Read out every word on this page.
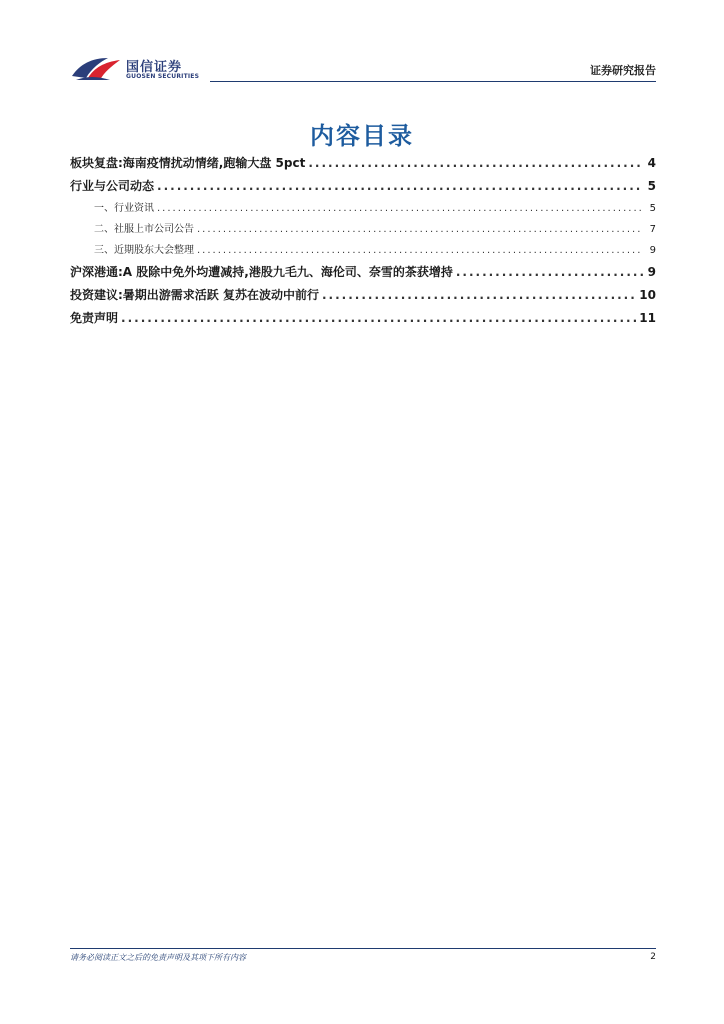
国信证券
GUOSEN SECURITIES	证券研究报告
内容目录
板块复盘:海南疫情扰动情绪,跑输大盘 5pct .....	4
行业与公司动态 .....	5
一、行业资讯 .....	5
二、社服上市公司公告 .....	7
三、近期股东大会整理 .....	9
沪深港通:A 股除中免外均遭减持,港股九毛九、海伦司、奈雪的茶获增持 .....	9
投资建议:暑期出游需求活跃 复苏在波动中前行 .....	10
免责声明 .....	11
请务必阅读正文之后的免责声明及其项下所有内容	2
